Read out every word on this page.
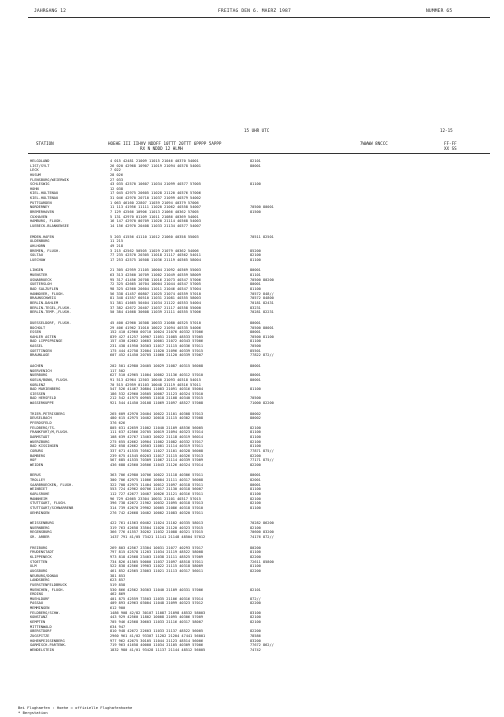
JAHRGANG 12	FREITAG DEN 6. MAERZ 1987	NUMMER 65
15 UHR UTC	12-15
STATION	HOEHE III IIHVV NDDFF 10TTT 20TTT 6PPPP 5APPP
RX N NDDD 12 HLMH
7WWWW 8NCCC	FF-FF
XX SS
HELGOLAND	4 015 42481 21009 11015 21046 40370 54001	82101
LIST/SYLT	26 020 42968 10907 11019 21094 40378 54001	80001
LECK	7 022
HUSUM	28 026
FLENSBURG/WEIERWIK	27 033
SCHLESWIG	43 035 42570 10607 11034 21099 40377 57005	81100
HOHN	12 038
KIEL-HOLTENAU	17 045 42975 20605 11028 21120 40376 57006
KIEL-HOLTENAU	31 046 42970 20710 11037 21099 40379 54002
PUTTGARDEN	1 063 46160 22807 11039 21094 40379 57006
NORDERNEY	11 113 41956 11111 11020 21062 40358 54007	70500 80001
BREMERHAVEN	7 129 42566 10906 11013 21066 40362 57005	81500
CUXHAVEN	5 131 42970 01109 11011 21086 40369 54001
HAMBURG, FLUGH.	16 147 42970 00709 11020 21114 40368 54003
LUEBECK-BLANKENSEE	14 156 42970 20408 11033 21134 40377 54007
EMDEN-HAFEN	5 203 41556 41110 11012 21060 40358 55003	70511 82501
OLDENBURG	11 215
AHLHORN	49 218
BREMEN, FLUGH.	3 215 42562 50505 11029 21079 40362 54006	85200
SOLTAU	77 235 42570 20305 11018 21117 40362 54011	82100
LUECHOW	17 253 42575 10508 11036 21119 40365 58004	81100
LINGEN	21 305 42959 21105 10004 21092 40369 55003	80001
MUENSTER	63 313 42560 10709 11002 21049 40359 58009	81101
OSNABRUECK	95 317 41456 20708 11016 21073 40347 57006	70500 80200
GUETERSLOH	72 325 42665 10704 10004 21044 40347 57005	80001
BAD SALZUFLEN	98 325 42560 20604 11011 21046 40347 57004	81100
HANNOVER, FLUGH.	56 338 41457 60807 11025 21074 40359 57010	70572 848//
BRAUNSCHWEIG	81 348 41557 60510 11031 21081 40355 58003	70572 84800
BERLIN-DAHLEM	51 381 41665 50404 11034 21122 40353 54004	70181 82431
BERLIN-TEGEL,FLUGH.	37 382 42672 20407 11037 21117 40358 55000	83231
BERLIN-TEMP.,FLUGH.	50 384 41668 30608 11039 21111 40355 57006	70281 82231
DUESSELDORF, FLUGH.	45 400 42960 10308 10033 21080 40325 57010	80001
BOCHOLT	29 406 41962 31010 10022 21094 40335 54006	70500 80001
ESSEN	152 410 42960 00710 10024 21076 40332 57006	80001
KAHLER ASTEN	839 427 41257 10907 11051 21085 48533 57005	70500 81100
BAD LIPPSPRINGE	157 430 42662 10603 10001 21072 40343 57006	81100
KASSEL	231 438 41950 30303 11017 21115 40336 57011	70500
GOETTINGEN	175 444 42758 32004 11020 21096 40339 57015	85501
BRAUNLAGE	607 452 41450 20705 11060 21120 40339 57007	77822 872//
AACHEN	202 501 42980 20405 10029 21087 40315 56008	80001
NOERVENICH	117 502
NUERBURG	627 510 42965 11004 10002 21136 40312 57010	80001
KOELN/BONN, FLUGH.	91 513 42964 12503 10040 21093 40318 54015	80001
KOBLENZ	70 515 42959 01103 10048 21119 40316 57011
BAD MARIENBERG	547 526 41467 30804 11003 21091 40316 55004	81100
GIESSEN	186 532 42960 20505 10007 21123 40324 57010
BAD HERSFELD	212 542 41975 00905 11018 21108 40340 57015	70500
WASSERKUPPE	921 544 41450 20108 11069 21097 48527 57008	71000 82200
TRIER-PETRISBERG	265 609 42970 20404 10022 21101 40308 57013	80002
DEUSELBACH	480 615 42975 10402 10018 21115 40302 57008	80002
PFERDSFELD	376 626
FELDBERG/TS.	805 631 42659 21002 11040 21109 48536 56005	82100
FRANKFURT/M,FLUGH.	111 637 42566 20705 10019 21094 40323 57014	81100
DARMSTADT	108 639 42767 13403 10022 21118 40319 56014	81100
WUERZBURG	275 655 42662 10904 11002 21082 40332 57017	82100
BAD KISSINGEN	282 658 42662 10503 11001 21114 40319 57011	81100
COBURG	337 671 41535 70502 11027 21101 40328 56008	77871 875//
BAMBERG	239 675 41545 60203 11017 21115 40326 57013	82200
HOF	567 685 41535 70309 11067 21114 40339 57009	77171 875//
WEIDEN	436 688 42560 20506 11043 21126 40324 57014	82200
BERUS	363 706 42980 10706 10022 21118 40306 57011	80001
TROLLEY	300 706 42975 11006 10004 21111 40317 56008	82001
SAARBRUECKEN, FLUGH.	322 708 42975 11404 10012 21097 40318 57011	80001
WEINBIET	553 724 42962 00706 11017 21130 40318 56007	81100
KARLSRUHE	112 727 42677 10407 10026 21121 40316 57011	81100
MANNHEIM	96 729 42665 23304 10031 21101 40317 57015	82100
STUTTGART, FLUGH.	396 738 42672 21902 10032 21095 40318 57013	82100
STUTTGART/SCHNARRENB	314 739 42670 29902 10005 21086 40318 57010	81100
OEHRINGEN	276 742 42668 10402 10002 21083 40320 57011
WEISSENBURG	422 761 41563 60402 11024 21102 40335 58013	70282 86200
NUERNBERG	319 763 42658 33504 11020 21120 40323 57015	82100
REGENSBURG	366 776 41557 30202 11032 21088 40321 57015	70600 83200
GR. ARBER	1437 791 41/05 73421 11141 21148 48504 57012	74176 872//
FREIBURG	269 803 42567 23304 10031 21077 40293 57017	80200
FRUDENSTADT	797 815 42578 11203 11034 21119 48522 58008	81100
KLIPPENECK	973 818 42568 23403 11038 21111 48525 57009	82200
STOETTEN	734 826 41565 50000 11037 21097 48518 57011	72611 85800
ULM	522 838 42566 19903 11022 21115 40318 58009	81100
AUGSBURG	461 852 42565 23003 11021 21113 40317 56011	82200
NEUBURG/DONAU	381 853
LANDSBERG	623 857
FUERSTENFELDBRUCK	519 858
MUENCHEN, FLUGH.	530 866 42562 30303 11040 21109 40331 57006	82101
ERDING	462 869
MUEHLDORF	401 875 42559 73503 11035 21106 40316 57014	872//
PASSAU	409 893 42963 03004 11048 21099 40323 57012	82200
MEMMINGEN	612 900
FELDBERG/SCHW.	1486 908 42/82 30107 11087 21098 48532 58003	83100
KONSTANZ	443 929 42560 11802 10008 21095 40306 57009	82100
KEMPTEN	705 946 42568 30603 11033 21116 40317 58007	82100
MITTENWALD	634 947
OBERSTDORF	810 948 42672 22603 11033 21137 48522 56005	82200
ZUGSPITZE	2960 961 41/02 93307 11202 21204 47441 56001	78586
HOHENPEISSENBERG	977 962 42675 30105 11044 21123 48514 56006	83200
GARMISCH-PARTENK.	719 963 41658 40000 11034 21105 40309 57006	77672 862//
WENDELSTEIN	1832 980 41/01 93428 11137 21144 48512 56005	74742
Bei Flughaefen : Hoehe = offizielle Flughafenhoehe
* Bergstation
